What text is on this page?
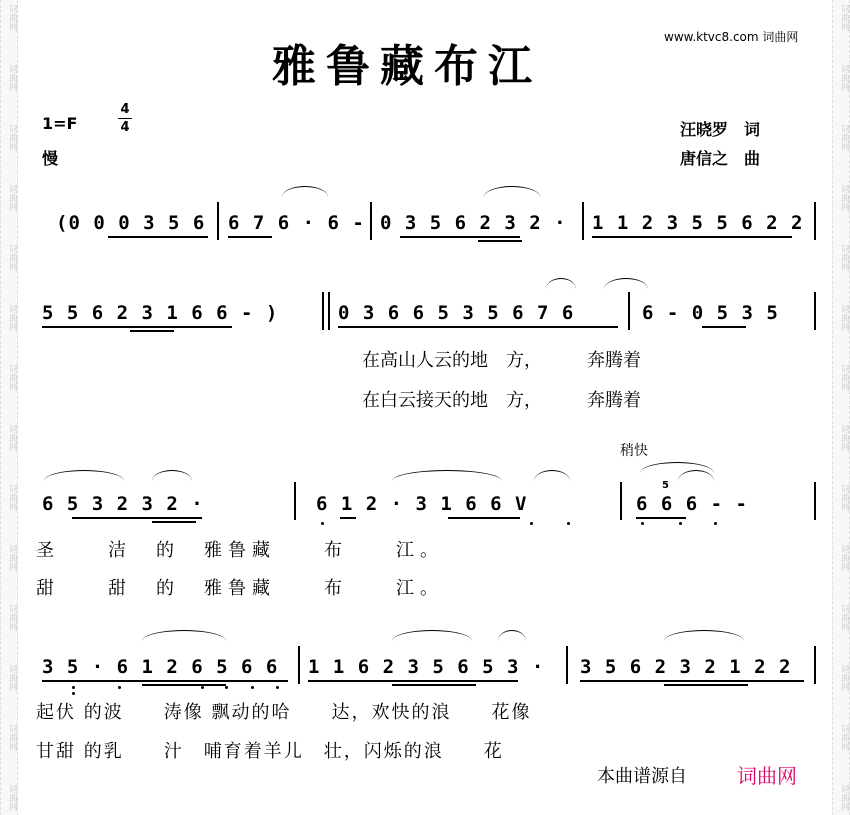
词曲网
词曲网
词曲网
词曲网
词曲网
词曲网
词曲网
词曲网
词曲网
词曲网
词曲网
词曲网
词曲网
词曲网
词曲网
词曲网
词曲网
词曲网
词曲网
词曲网
词曲网
词曲网
词曲网
词曲网
词曲网
词曲网
词曲网
词曲网
雅鲁藏布江
www.ktvc8.com 词曲网
1=F
4
4
慢
汪晓罗　词
唐信之　曲
(0 0 0 3 5 6 6 7 6 · 6 - 0 3 5 6 2 3 2 · 1 1 2 3 5 5 6 2 2
5 5 6 2 3 1 6 6 - )	0 3 6 6 5 3 5 6 7 6	6 - 0 5 3 5
在高山人云的地　方，　　　奔腾着
在白云接天的地　方，　　　奔腾着
稍快
6 5 3 2 3 2 ·	6 1 2 · 3 1 6 6 V	6 6 6 - -
5
圣　　洁　的　雅鲁藏　　布　　江。
甜　　甜　的　雅鲁藏　　布　　江。
3 5 · 6 1 2 6 5 6 6 1 1 6 2 3 5 6 5 3 · 3 5 6 2 3 2 1 2 2
起伏 的波　　涛像 飘动的哈　　达，欢快的浪　　花像
甘甜 的乳　　汁　哺育着羊儿　壮，闪烁的浪　　花
本曲谱源自	词曲网
